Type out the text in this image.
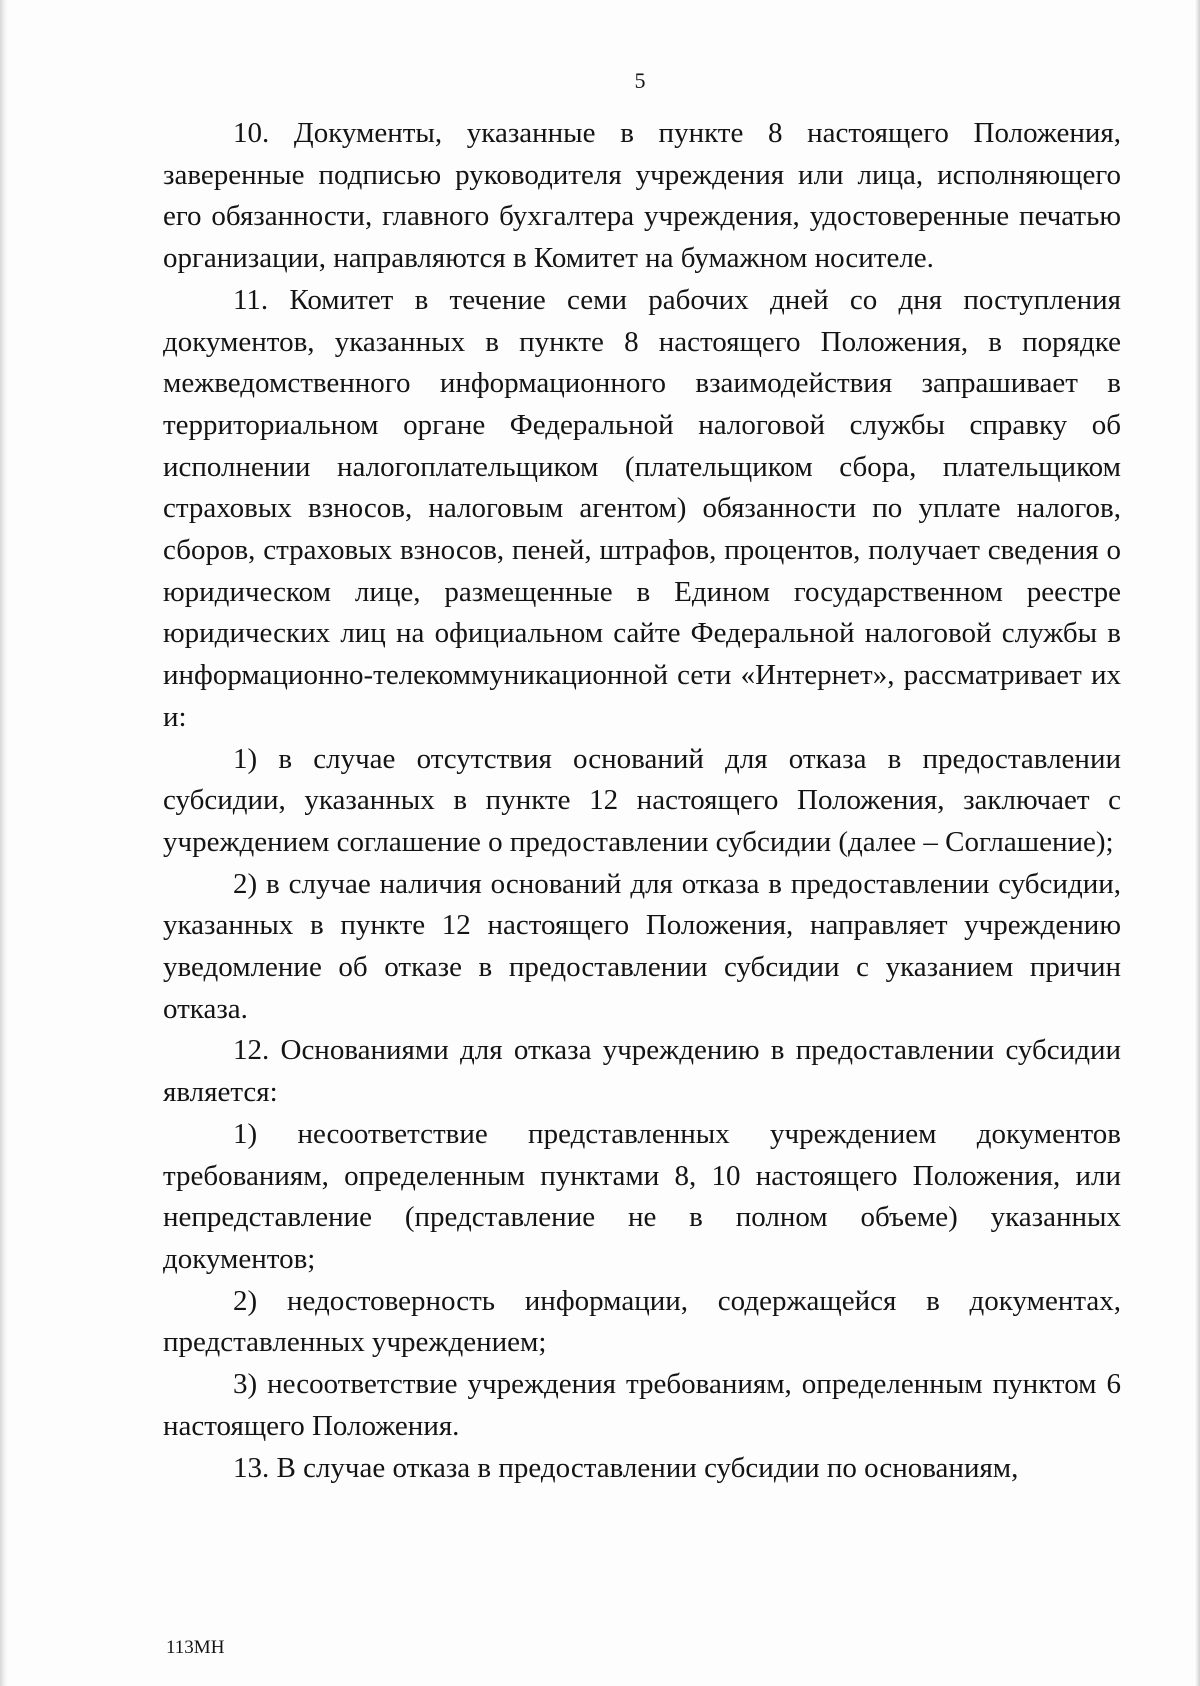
5

10. Документы, указанные в пункте 8 настоящего Положения, заверенные подписью руководителя учреждения или лица, исполняющего его обязанности, главного бухгалтера учреждения, удостоверенные печатью организации, направляются в Комитет на бумажном носителе.

11. Комитет в течение семи рабочих дней со дня поступления документов, указанных в пункте 8 настоящего Положения, в порядке межведомственного информационного взаимодействия запрашивает в территориальном органе Федеральной налоговой службы справку об исполнении налогоплательщиком (плательщиком сбора, плательщиком страховых взносов, налоговым агентом) обязанности по уплате налогов, сборов, страховых взносов, пеней, штрафов, процентов, получает сведения о юридическом лице, размещенные в Едином государственном реестре юридических лиц на официальном сайте Федеральной налоговой службы в информационно-телекоммуникационной сети «Интернет», рассматривает их и:

1) в случае отсутствия оснований для отказа в предоставлении субсидии, указанных в пункте 12 настоящего Положения, заключает с учреждением соглашение о предоставлении субсидии (далее – Соглашение);

2) в случае наличия оснований для отказа в предоставлении субсидии, указанных в пункте 12 настоящего Положения, направляет учреждению уведомление об отказе в предоставлении субсидии с указанием причин отказа.

12. Основаниями для отказа учреждению в предоставлении субсидии является:

1) несоответствие представленных учреждением документов требованиям, определенным пунктами 8, 10 настоящего Положения, или непредставление (представление не в полном объеме) указанных документов;

2) недостоверность информации, содержащейся в документах, представленных учреждением;

3) несоответствие учреждения требованиям, определенным пунктом 6 настоящего Положения.

13. В случае отказа в предоставлении субсидии по основаниям,

113МН
